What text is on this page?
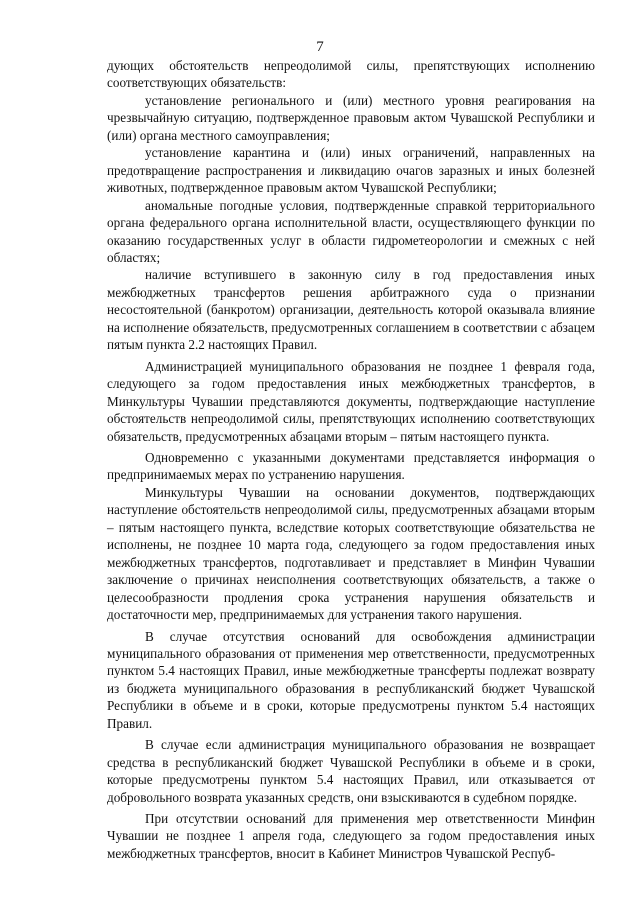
7

дующих обстоятельств непреодолимой силы, препятствующих исполнению соответствующих обязательств:

установление регионального и (или) местного уровня реагирования на чрезвычайную ситуацию, подтвержденное правовым актом Чувашской Республики и (или) органа местного самоуправления;

установление карантина и (или) иных ограничений, направленных на предотвращение распространения и ликвидацию очагов заразных и иных болезней животных, подтвержденное правовым актом Чувашской Республики;

аномальные погодные условия, подтвержденные справкой территориального органа федерального органа исполнительной власти, осуществляющего функции по оказанию государственных услуг в области гидрометеорологии и смежных с ней областях;

наличие вступившего в законную силу в год предоставления иных межбюджетных трансфертов решения арбитражного суда о признании несостоятельной (банкротом) организации, деятельность которой оказывала влияние на исполнение обязательств, предусмотренных соглашением в соответствии с абзацем пятым пункта 2.2 настоящих Правил.

Администрацией муниципального образования не позднее 1 февраля года, следующего за годом предоставления иных межбюджетных трансфертов, в Минкультуры Чувашии представляются документы, подтверждающие наступление обстоятельств непреодолимой силы, препятствующих исполнению соответствующих обязательств, предусмотренных абзацами вторым – пятым настоящего пункта.

Одновременно с указанными документами представляется информация о предпринимаемых мерах по устранению нарушения.

Минкультуры Чувашии на основании документов, подтверждающих наступление обстоятельств непреодолимой силы, предусмотренных абзацами вторым – пятым настоящего пункта, вследствие которых соответствующие обязательства не исполнены, не позднее 10 марта года, следующего за годом предоставления иных межбюджетных трансфертов, подготавливает и представляет в Минфин Чувашии заключение о причинах неисполнения соответствующих обязательств, а также о целесообразности продления срока устранения нарушения обязательств и достаточности мер, предпринимаемых для устранения такого нарушения.

В случае отсутствия оснований для освобождения администрации муниципального образования от применения мер ответственности, предусмотренных пунктом 5.4 настоящих Правил, иные межбюджетные трансферты подлежат возврату из бюджета муниципального образования в республиканский бюджет Чувашской Республики в объеме и в сроки, которые предусмотрены пунктом 5.4 настоящих Правил.

В случае если администрация муниципального образования не возвращает средства в республиканский бюджет Чувашской Республики в объеме и в сроки, которые предусмотрены пунктом 5.4 настоящих Правил, или отказывается от добровольного возврата указанных средств, они взыскиваются в судебном порядке.

При отсутствии оснований для применения мер ответственности Минфин Чувашии не позднее 1 апреля года, следующего за годом предоставления иных межбюджетных трансфертов, вносит в Кабинет Министров Чувашской Респуб-
